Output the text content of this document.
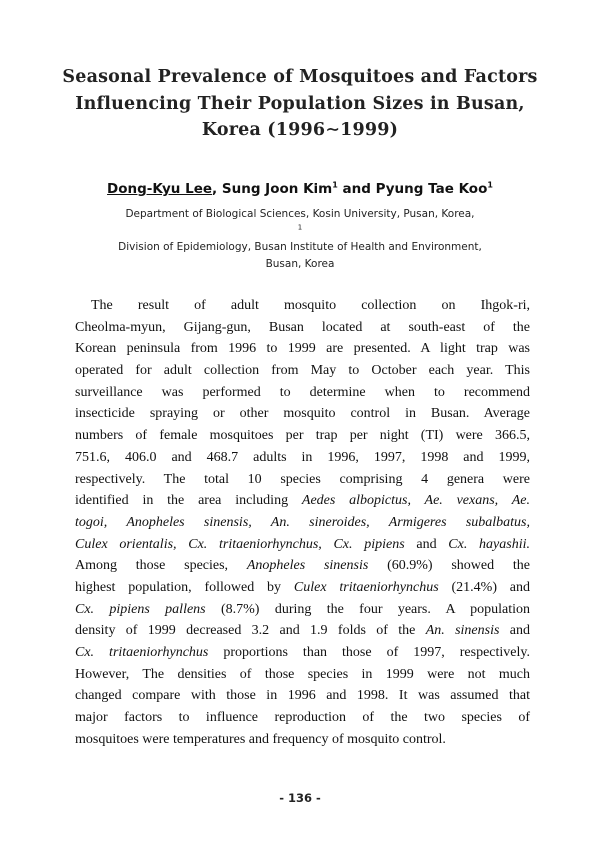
Seasonal Prevalence of Mosquitoes and Factors
Influencing Their Population Sizes in Busan,
Korea (1996∼1999)
Dong-Kyu Lee, Sung Joon Kim$^1$ and Pyung Tae Koo$^1$
Department of Biological Sciences, Kosin University, Pusan, Korea,
$^1$
Division of Epidemiology, Busan Institute of Health and Environment,
Busan, Korea
The result of adult mosquito collection on Ihgok-ri,
Cheolma-myun, Gijang-gun, Busan located at south-east of the
Korean peninsula from 1996 to 1999 are presented. A light trap was
operated for adult collection from May to October each year. This
surveillance was performed to determine when to recommend
insecticide spraying or other mosquito control in Busan. Average
numbers of female mosquitoes per trap per night (TI) were 366.5,
751.6, 406.0 and 468.7 adults in 1996, 1997, 1998 and 1999,
respectively. The total 10 species comprising 4 genera were
identified in the area including Aedes albopictus, Ae. vexans, Ae.
togoi, Anopheles sinensis, An. sineroides, Armigeres subalbatus,
Culex orientalis, Cx. tritaeniorhynchus, Cx. pipiens and Cx. hayashii.
Among those species, Anopheles sinensis (60.9%) showed the
highest population, followed by Culex tritaeniorhynchus (21.4%) and
Cx. pipiens pallens (8.7%) during the four years. A population
density of 1999 decreased 3.2 and 1.9 folds of the An. sinensis and
Cx. tritaeniorhynchus proportions than those of 1997, respectively.
However, The densities of those species in 1999 were not much
changed compare with those in 1996 and 1998. It was assumed that
major factors to influence reproduction of the two species of
mosquitoes were temperatures and frequency of mosquito control.
- 136 -
